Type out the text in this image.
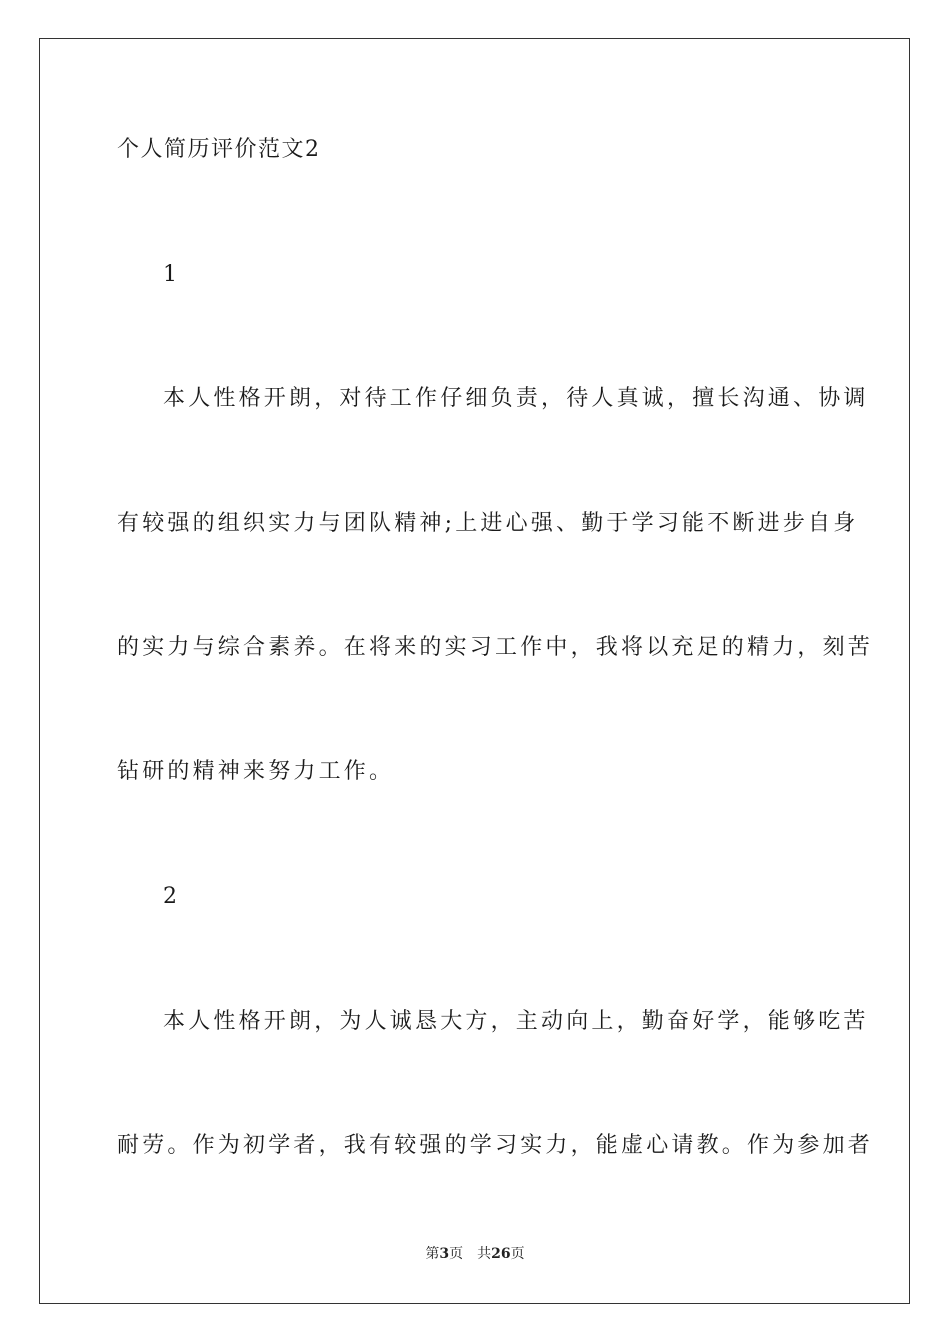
个人简历评价范文2
1
本人性格开朗，对待工作仔细负责，待人真诚，擅长沟通、协调
有较强的组织实力与团队精神;上进心强、勤于学习能不断进步自身
的实力与综合素养。在将来的实习工作中，我将以充足的精力，刻苦
钻研的精神来努力工作。
2
本人性格开朗，为人诚恳大方，主动向上，勤奋好学，能够吃苦
耐劳。作为初学者，我有较强的学习实力，能虚心请教。作为参加者
第3页 共26页
